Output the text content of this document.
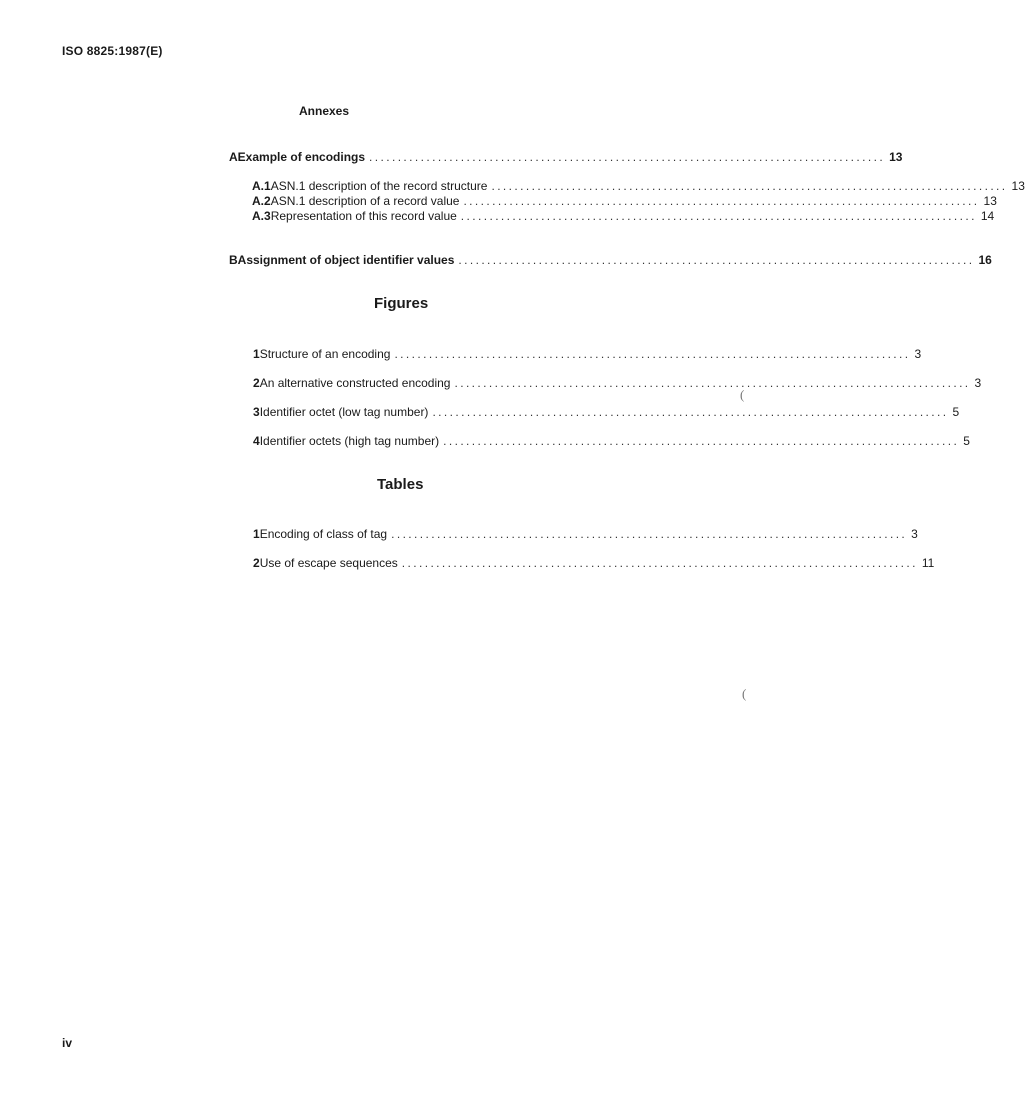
ISO 8825:1987(E)
Annexes
A Example of encodings .......................................................................................... 13
A.1 ASN.1 description of the record structure .......................................................................................... 13
A.2 ASN.1 description of a record value .......................................................................................... 13
A.3 Representation of this record value .......................................................................................... 14
B Assignment of object identifier values .......................................................................................... 16
Figures
1 Structure of an encoding .......................................................................................... 3
2 An alternative constructed encoding .......................................................................................... 3
3 Identifier octet (low tag number) .......................................................................................... 5
4 Identifier octets (high tag number) .......................................................................................... 5
Tables
1 Encoding of class of tag .......................................................................................... 3
2 Use of escape sequences .......................................................................................... 11
(
(
iv
